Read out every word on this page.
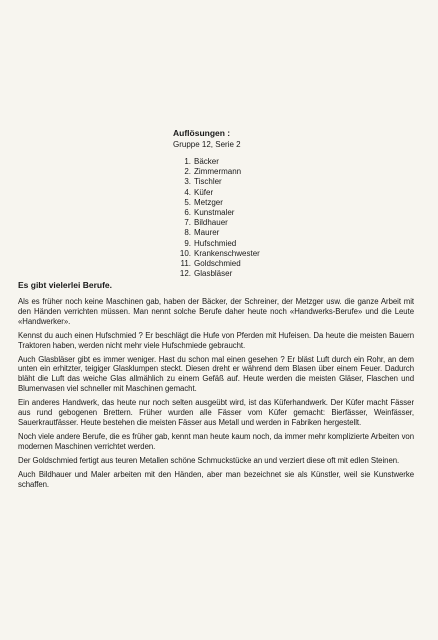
Auflösungen :

Gruppe 12, Serie 2

1. Bäcker
2. Zimmermann
3. Tischler
4. Küfer
5. Metzger
6. Kunstmaler
7. Bildhauer
8. Maurer
9. Hufschmied
10. Krankenschwester
11. Goldschmied
12. Glasbläser

Es gibt vielerlei Berufe.

Als es früher noch keine Maschinen gab, haben der Bäcker, der Schreiner, der Metzger usw. die ganze Arbeit mit den Händen verrichten müssen. Man nennt solche Berufe daher heute noch «Handwerks-Berufe» und die Leute «Handwerker».

Kennst du auch einen Hufschmied ? Er beschlägt die Hufe von Pferden mit Hufeisen. Da heute die meisten Bauern Traktoren haben, werden nicht mehr viele Hufschmiede gebraucht.

Auch Glasbläser gibt es immer weniger. Hast du schon mal einen gesehen ? Er bläst Luft durch ein Rohr, an dem unten ein erhitzter, teigiger Glasklumpen steckt. Diesen dreht er während dem Blasen über einem Feuer. Dadurch bläht die Luft das weiche Glas allmählich zu einem Gefäß auf. Heute werden die meisten Gläser, Flaschen und Blumenvasen viel schneller mit Maschinen gemacht.

Ein anderes Handwerk, das heute nur noch selten ausgeübt wird, ist das Küferhandwerk. Der Küfer macht Fässer aus rund gebogenen Brettern. Früher wurden alle Fässer vom Küfer gemacht: Bierfässer, Weinfässer, Sauerkrautfässer. Heute bestehen die meisten Fässer aus Metall und werden in Fabriken hergestellt.

Noch viele andere Berufe, die es früher gab, kennt man heute kaum noch, da immer mehr komplizierte Arbeiten von modernen Maschinen verrichtet werden.

Der Goldschmied fertigt aus teuren Metallen schöne Schmuckstücke an und verziert diese oft mit edlen Steinen.

Auch Bildhauer und Maler arbeiten mit den Händen, aber man bezeichnet sie als Künstler, weil sie Kunstwerke schaffen.
